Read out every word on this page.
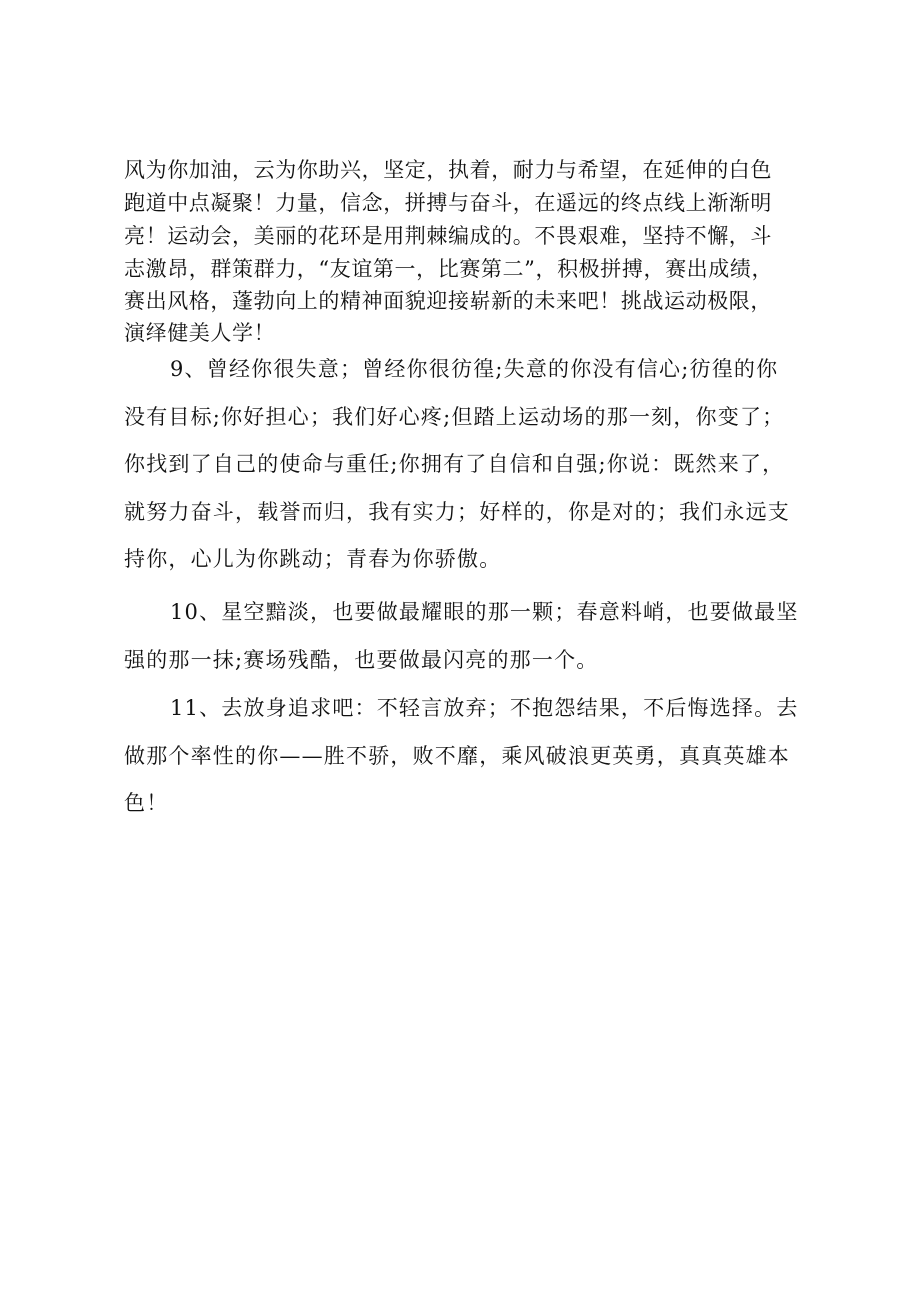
风为你加油，云为你助兴，坚定，执着，耐力与希望，在延伸的白色
跑道中点凝聚！力量，信念，拼搏与奋斗，在遥远的终点线上渐渐明
亮！运动会，美丽的花环是用荆棘编成的。不畏艰难，坚持不懈，斗
志激昂，群策群力，“友谊第一，比赛第二”，积极拼搏，赛出成绩，
赛出风格，蓬勃向上的精神面貌迎接崭新的未来吧！挑战运动极限，
演绎健美人学！
9、曾经你很失意；曾经你很彷徨;失意的你没有信心;彷徨的你
没有目标;你好担心；我们好心疼;但踏上运动场的那一刻，你变了；
你找到了自己的使命与重任;你拥有了自信和自强;你说：既然来了，
就努力奋斗，载誉而归，我有实力；好样的，你是对的；我们永远支
持你，心儿为你跳动；青春为你骄傲。
10、星空黯淡，也要做最耀眼的那一颗；春意料峭，也要做最坚
强的那一抹;赛场残酷，也要做最闪亮的那一个。
11、去放身追求吧：不轻言放弃；不抱怨结果，不后悔选择。去
做那个率性的你——胜不骄，败不靡，乘风破浪更英勇，真真英雄本
色！
